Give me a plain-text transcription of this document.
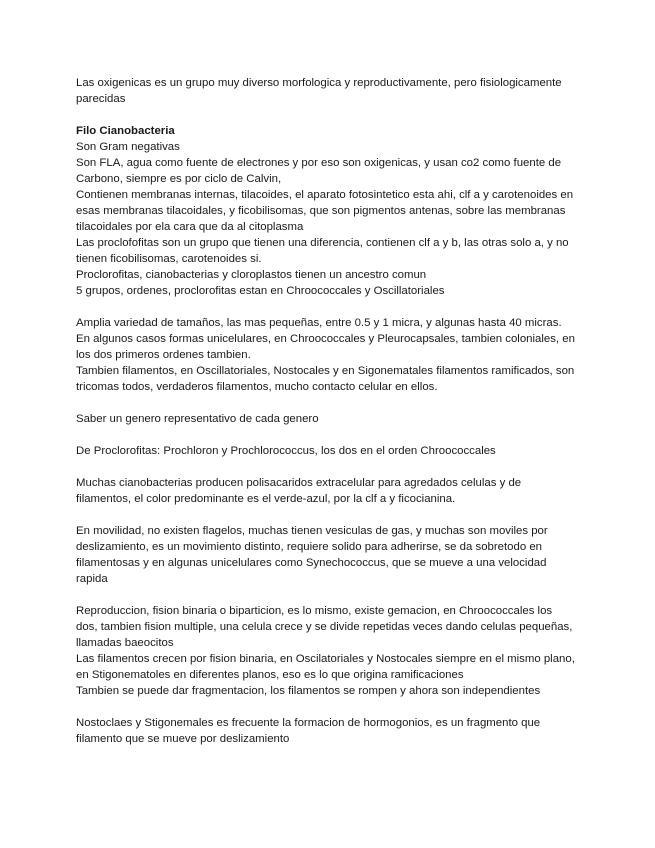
Las oxigenicas es un grupo muy diverso morfologica y reproductivamente, pero fisiologicamente parecidas
Filo Cianobacteria
Son Gram negativas
Son FLA, agua como fuente de electrones y por eso son oxigenicas, y usan co2 como fuente de Carbono, siempre es por ciclo de Calvin,
Contienen membranas internas, tilacoides, el aparato fotosintetico esta ahi, clf a y carotenoides en esas membranas tilacoidales, y ficobilisomas, que son pigmentos antenas, sobre las membranas tilacoidales por ela cara que da al citoplasma
Las proclofofitas son un grupo que tienen una diferencia, contienen clf a y b, las otras solo a, y no tienen ficobilisomas, carotenoides si.
Proclorofitas, cianobacterias y cloroplastos tienen un ancestro comun
5 grupos, ordenes, proclorofitas estan en Chroococcales y Oscillatoriales
Amplia variedad de tamaños, las mas pequeñas, entre 0.5 y 1 micra, y algunas hasta 40 micras.
En algunos casos formas unicelulares, en Chroococcales y Pleurocapsales, tambien coloniales, en los dos primeros ordenes tambien.
Tambien filamentos, en Oscillatoriales, Nostocales y en Sigonematales filamentos ramificados, son tricomas todos, verdaderos filamentos, mucho contacto celular en ellos.
Saber un genero representativo de cada genero
De Proclorofitas: Prochloron y Prochlorococcus, los dos en el orden Chroococcales
Muchas cianobacterias producen polisacaridos extracelular para agredados celulas y de filamentos, el color predominante es el verde-azul, por la clf a y ficocianina.
En movilidad, no existen flagelos, muchas tienen vesiculas de gas, y muchas son moviles por deslizamiento, es un movimiento distinto, requiere solido para adherirse, se da sobretodo en filamentosas y en algunas unicelulares como Synechococcus, que se mueve a una velocidad rapida
Reproduccion, fision binaria o biparticion, es lo mismo, existe gemacion, en Chroococcales los dos, tambien fision multiple, una celula crece y se divide repetidas veces dando celulas pequeñas, llamadas baeocitos
Las filamentos crecen por fision binaria, en Oscilatoriales y Nostocales siempre en el mismo plano, en Stigonematoles en diferentes planos, eso es lo que origina ramificaciones
Tambien se puede dar fragmentacion, los filamentos se rompen y ahora son independientes
Nostoclaes y Stigonemales es frecuente la formacion de hormogonios, es un fragmento que filamento que se mueve por deslizamiento
